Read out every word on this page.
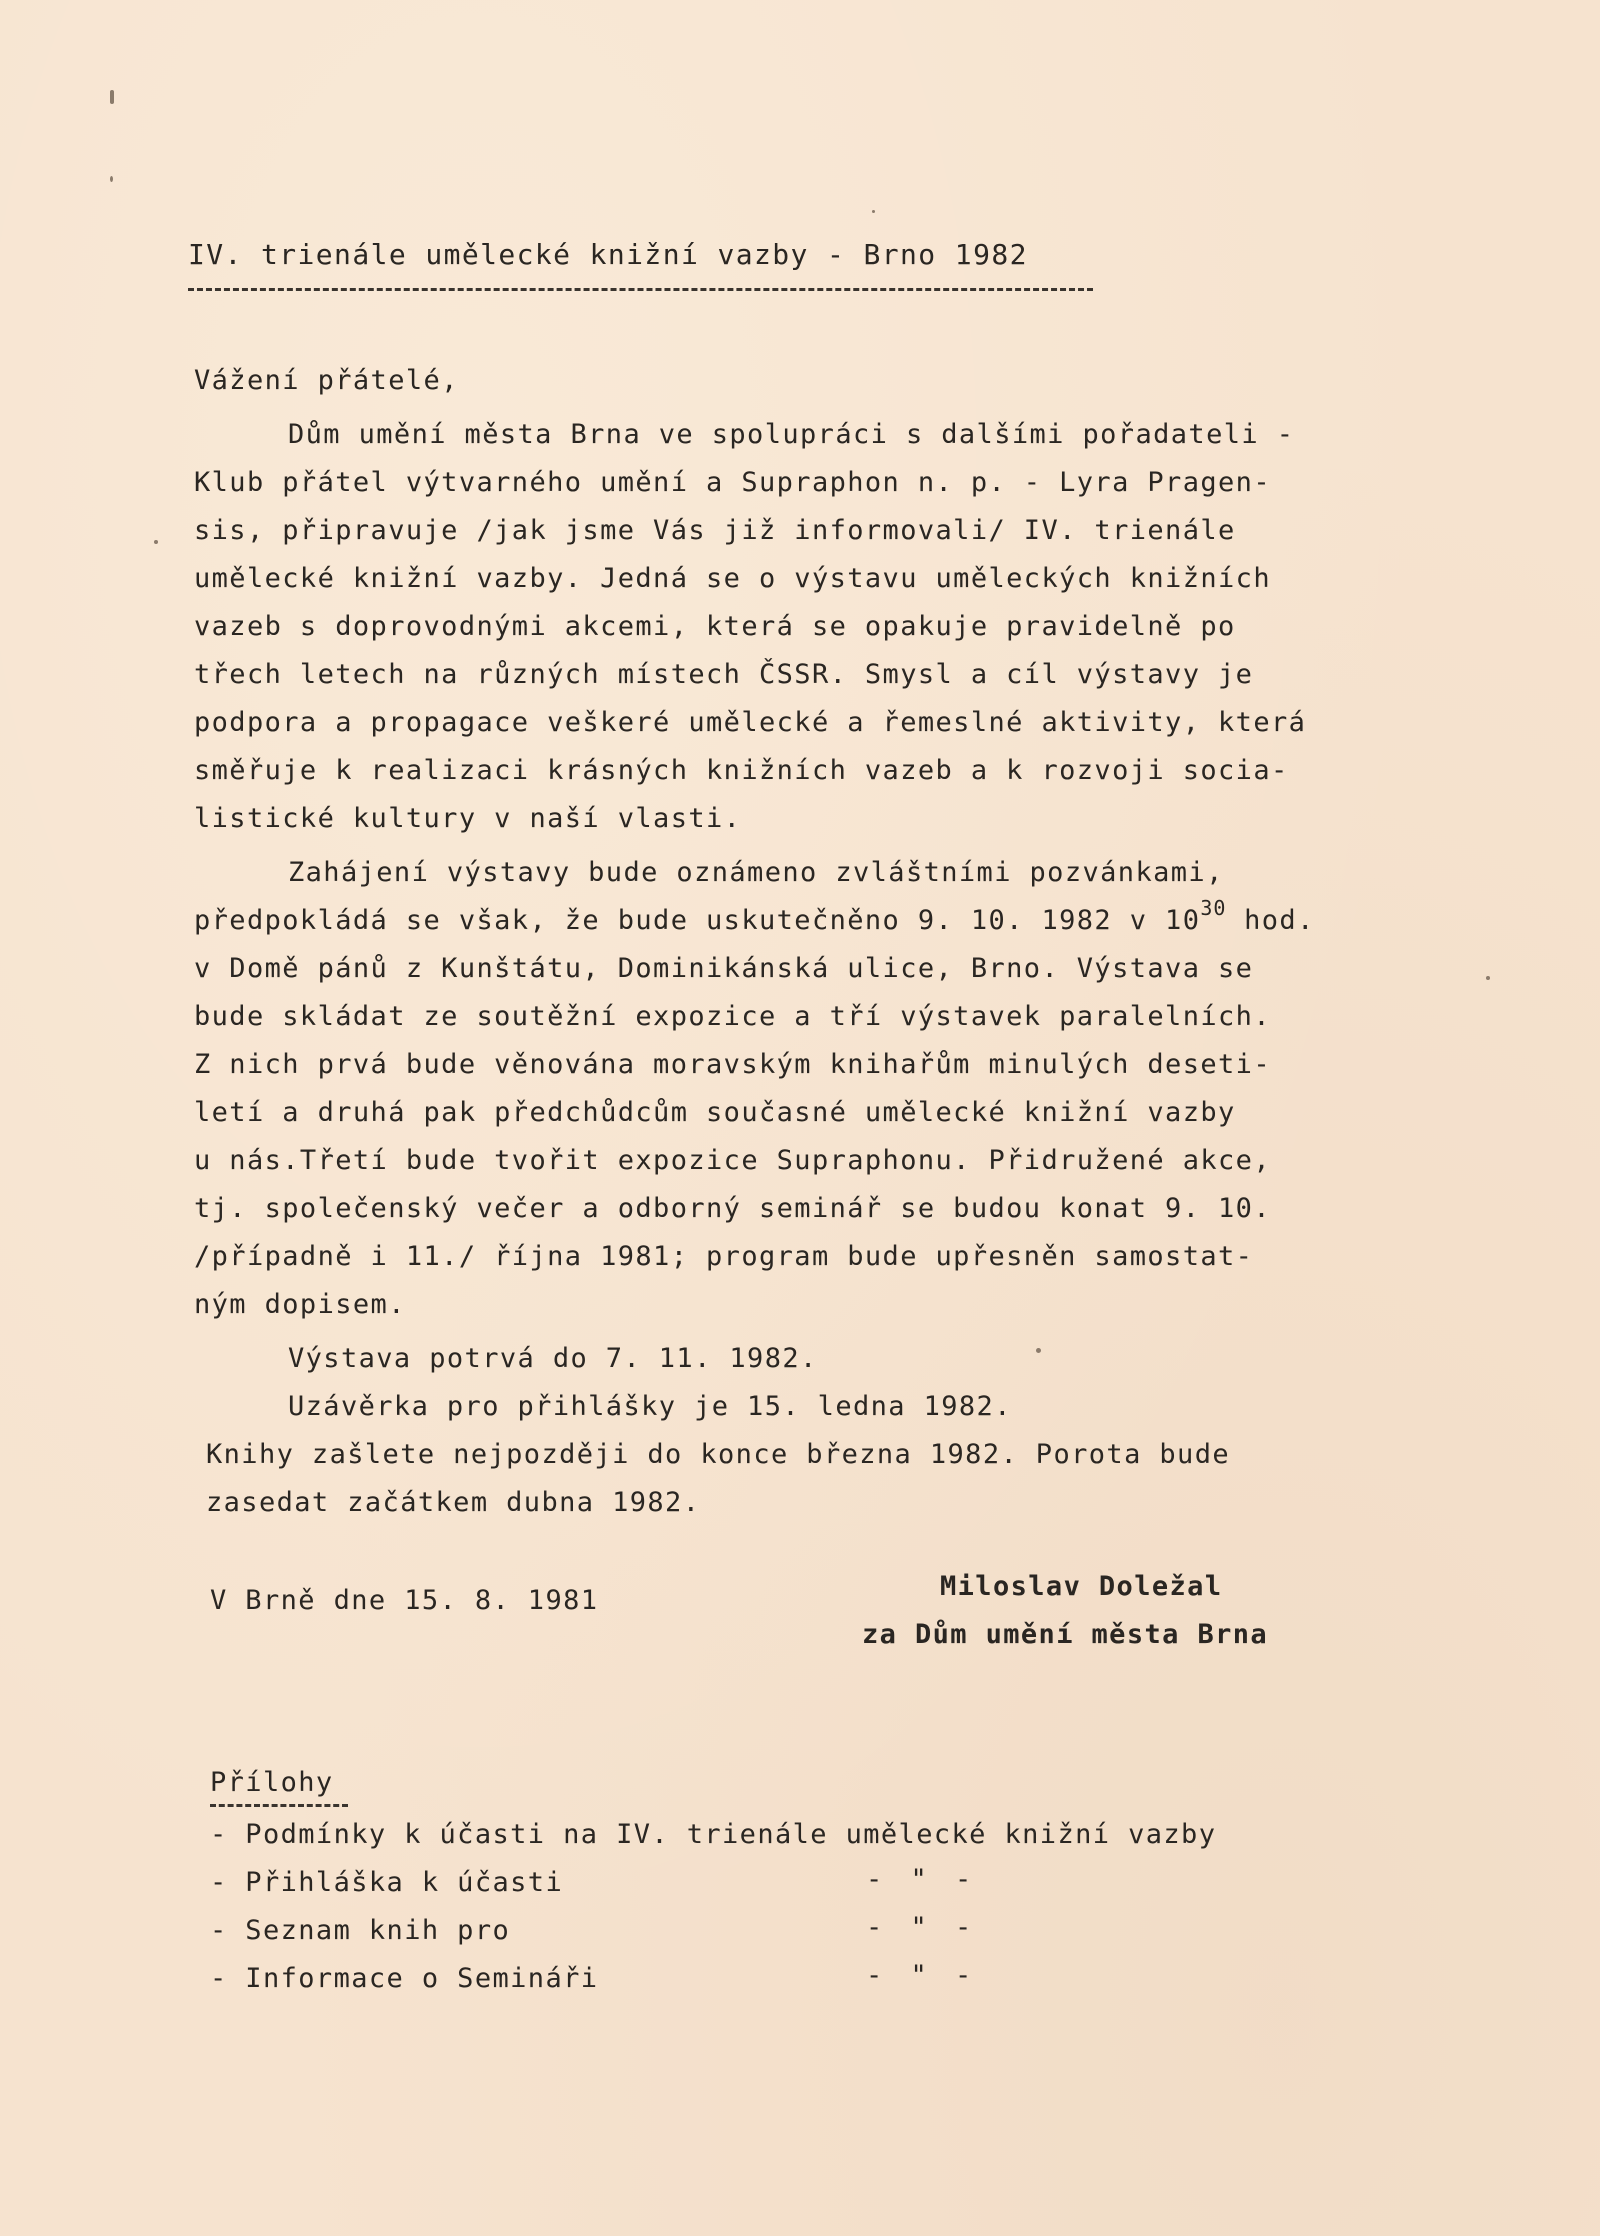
IV. trienále umělecké knižní vazby - Brno 1982
Vážení přátelé,
Dům umění města Brna ve spolupráci s dalšími pořadateli -
Klub přátel výtvarného umění a Supraphon n. p. - Lyra Pragen-
sis, připravuje /jak jsme Vás již informovali/ IV. trienále
umělecké knižní vazby. Jedná se o výstavu uměleckých knižních
vazeb s doprovodnými akcemi, která se opakuje pravidelně po
třech letech na různých místech ČSSR. Smysl a cíl výstavy je
podpora a propagace veškeré umělecké a řemeslné aktivity, která
směřuje k realizaci krásných knižních vazeb a k rozvoji socia-
listické kultury v naší vlasti.
Zahájení výstavy bude oznámeno zvláštními pozvánkami,
předpokládá se však, že bude uskutečněno 9. 10. 1982 v $10^{30}$ hod.
v Domě pánů z Kunštátu, Dominikánská ulice, Brno. Výstava se
bude skládat ze soutěžní expozice a tří výstavek paralelních.
Z nich prvá bude věnována moravským knihařům minulých deseti-
letí a druhá pak předchůdcům současné umělecké knižní vazby
u nás.Třetí bude tvořit expozice Supraphonu. Přidružené akce,
tj. společenský večer a odborný seminář se budou konat 9. 10.
/případně i 11./ října 1981; program bude upřesněn samostat-
ným dopisem.
Výstava potrvá do 7. 11. 1982.
Uzávěrka pro přihlášky je 15. ledna 1982.
Knihy zašlete nejpozději do konce března 1982. Porota bude
zasedat začátkem dubna 1982.
V Brně dne 15. 8. 1981	Miloslav Doležal
za Dům umění města Brna
Přílohy
- Podmínky k účasti na IV. trienále umělecké knižní vazby
- Přihláška k účasti	- " -
- Seznam knih pro	- " -
- Informace o Semináři	- " -
